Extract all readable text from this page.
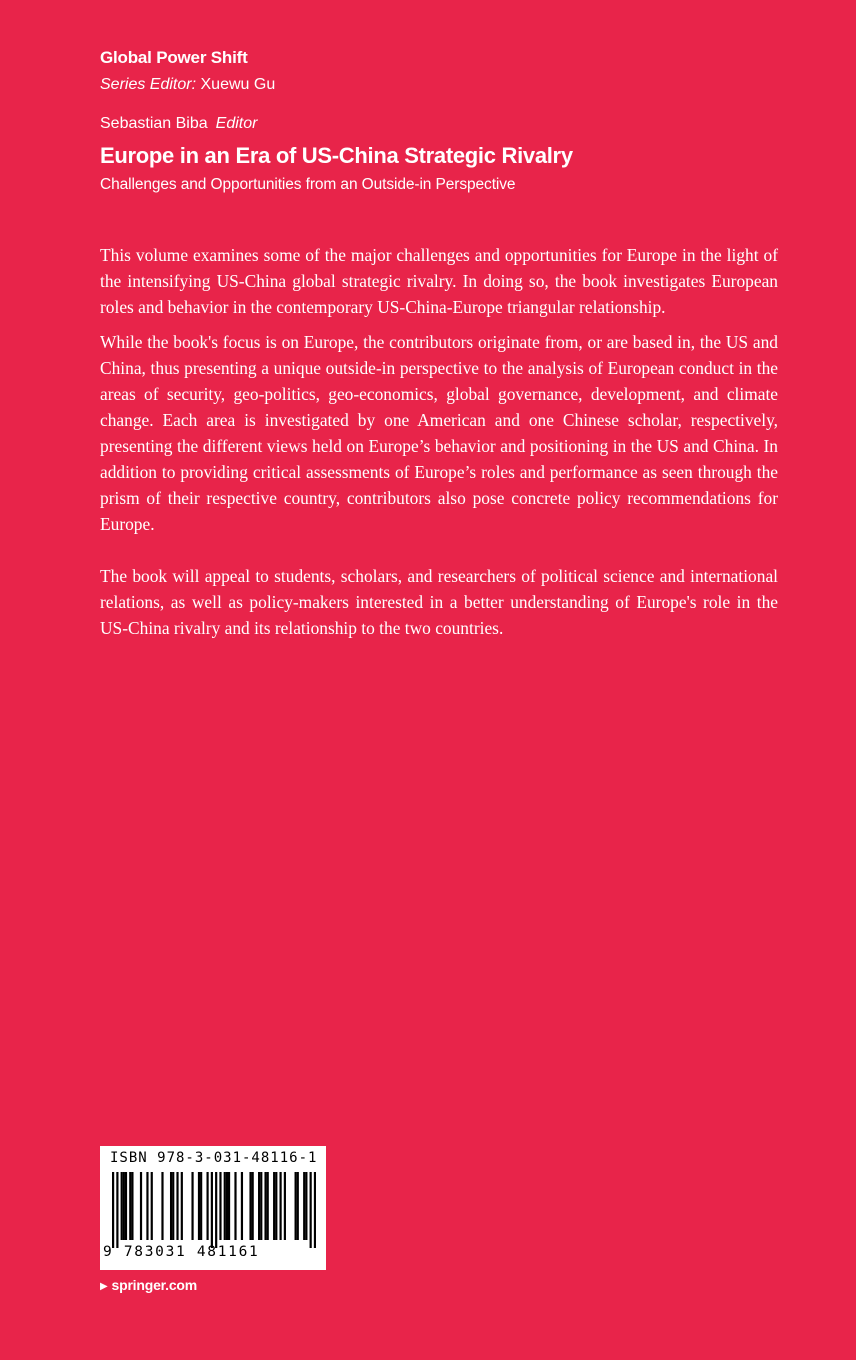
Global Power Shift
Series Editor: Xuewu Gu
Sebastian Biba Editor
Europe in an Era of US-China Strategic Rivalry
Challenges and Opportunities from an Outside-in Perspective

This volume examines some of the major challenges and opportunities for Europe in the light of the intensifying US-China global strategic rivalry. In doing so, the book investigates European roles and behavior in the contemporary US-China-Europe triangular relationship.

While the book's focus is on Europe, the contributors originate from, or are based in, the US and China, thus presenting a unique outside-in perspective to the analysis of European conduct in the areas of security, geo-politics, geo-economics, global governance, development, and climate change. Each area is investigated by one American and one Chinese scholar, respectively, presenting the different views held on Europe’s behavior and positioning in the US and China. In addition to providing critical assessments of Europe’s roles and performance as seen through the prism of their respective country, contributors also pose concrete policy recommendations for Europe.

The book will appeal to students, scholars, and researchers of political science and international relations, as well as policy-makers interested in a better understanding of Europe's role in the US-China rivalry and its relationship to the two countries.

ISBN 978-3-031-48116-1
9 783031 481161
▶ springer.com
